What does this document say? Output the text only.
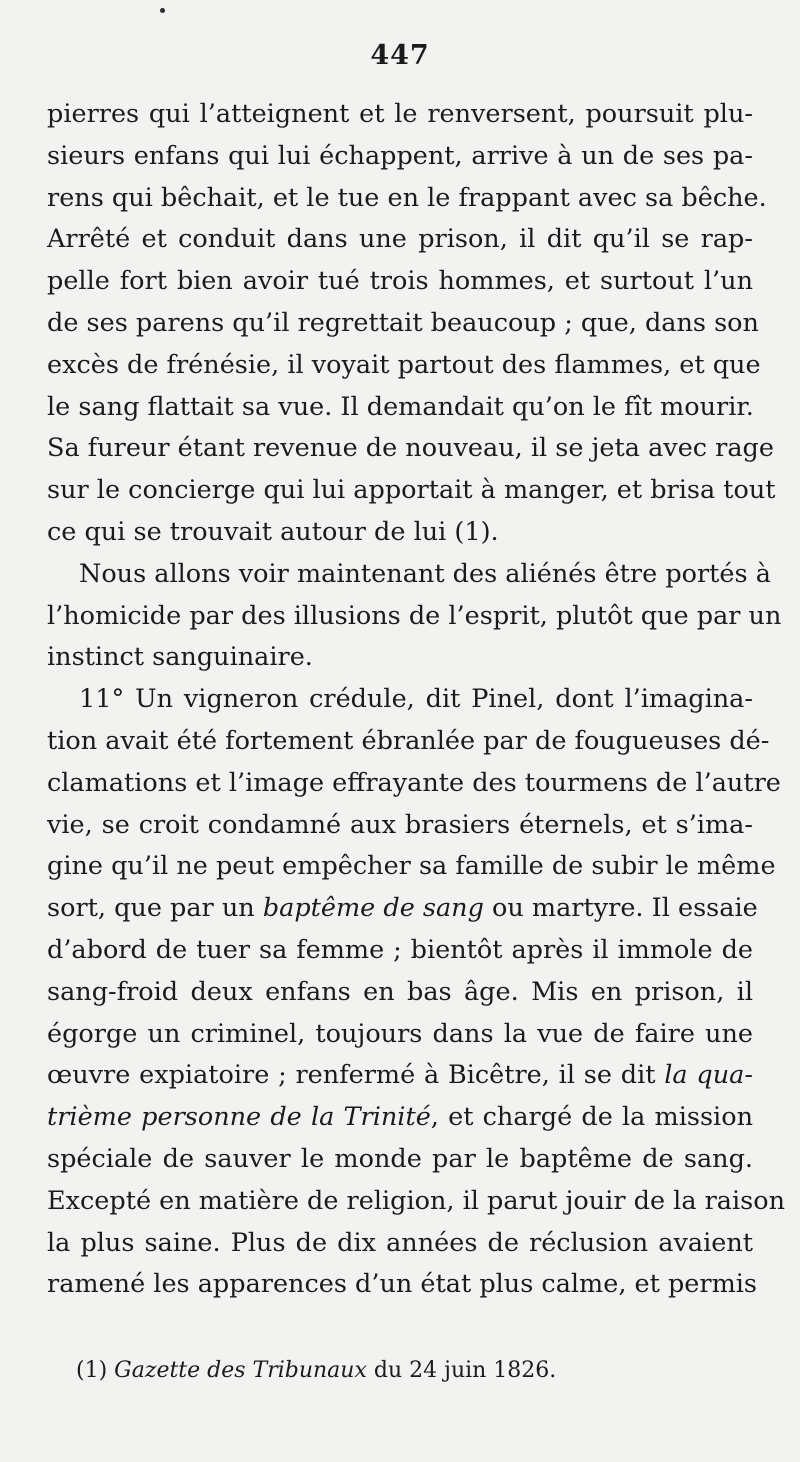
447
pierres qui l’atteignent et le renversent, poursuit plu-
sieurs enfans qui lui échappent, arrive à un de ses pa-
rens qui bêchait, et le tue en le frappant avec sa bêche.
Arrêté et conduit dans une prison, il dit qu’il se rap-
pelle fort bien avoir tué trois hommes, et surtout l’un
de ses parens qu’il regrettait beaucoup ; que, dans son
excès de frénésie, il voyait partout des flammes, et que
le sang flattait sa vue. Il demandait qu’on le fît mourir.
Sa fureur étant revenue de nouveau, il se jeta avec rage
sur le concierge qui lui apportait à manger, et brisa tout
ce qui se trouvait autour de lui (1).
Nous allons voir maintenant des aliénés être portés à
l’homicide par des illusions de l’esprit, plutôt que par un
instinct sanguinaire.
11° Un vigneron crédule, dit Pinel, dont l’imagina-
tion avait été fortement ébranlée par de fougueuses dé-
clamations et l’image effrayante des tourmens de l’autre
vie, se croit condamné aux brasiers éternels, et s’ima-
gine qu’il ne peut empêcher sa famille de subir le même
sort, que par un baptême de sang ou martyre. Il essaie
d’abord de tuer sa femme ; bientôt après il immole de
sang-froid deux enfans en bas âge. Mis en prison, il
égorge un criminel, toujours dans la vue de faire une
œuvre expiatoire ; renfermé à Bicêtre, il se dit la qua-
trième personne de la Trinité, et chargé de la mission
spéciale de sauver le monde par le baptême de sang.
Excepté en matière de religion, il parut jouir de la raison
la plus saine. Plus de dix années de réclusion avaient
ramené les apparences d’un état plus calme, et permis
(1) Gazette des Tribunaux du 24 juin 1826.
